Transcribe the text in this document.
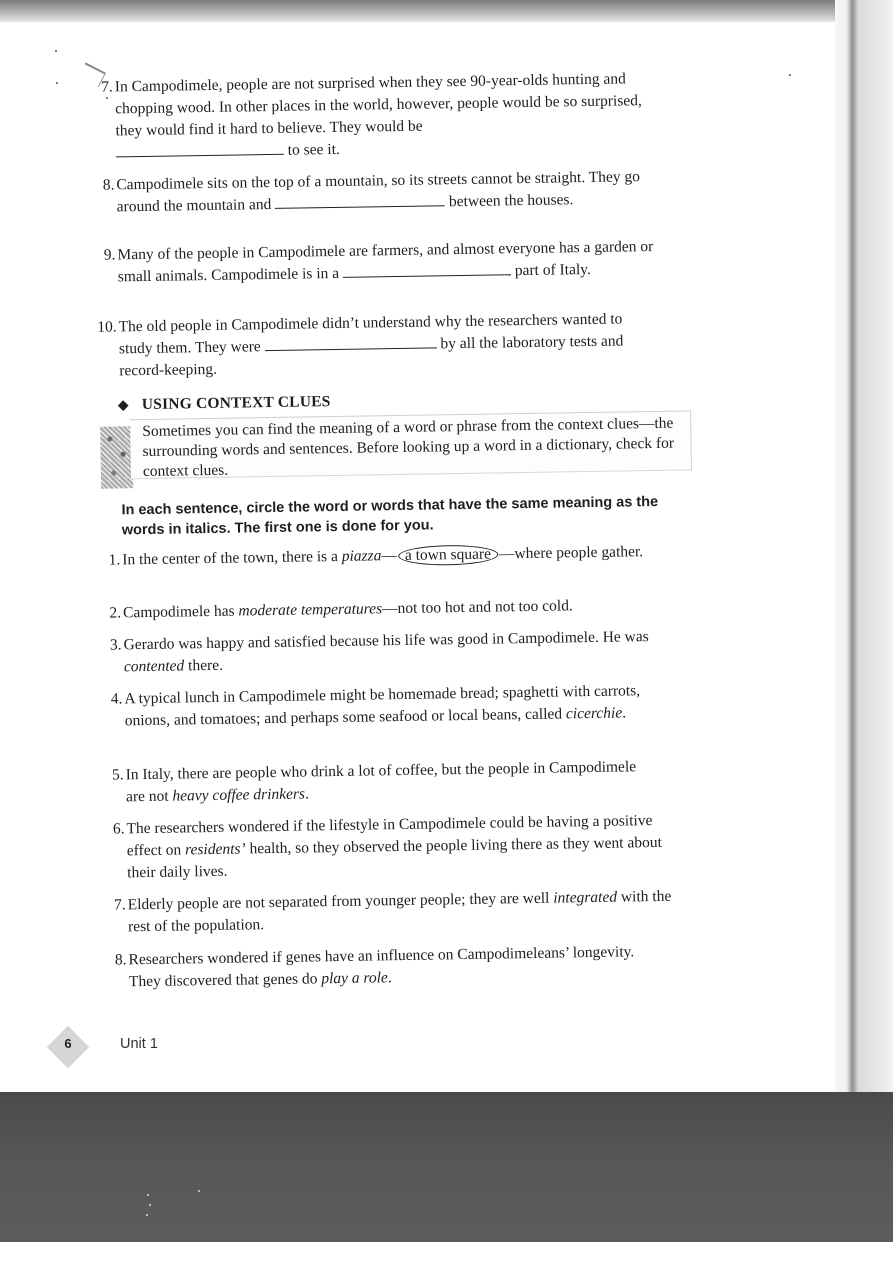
7. In Campodimele, people are not surprised when they see 90-year-olds hunting and chopping wood. In other places in the world, however, people would be so surprised, they would find it hard to believe. They would be
to see it.
8. Campodimele sits on the top of a mountain, so its streets cannot be straight. They go around the mountain and	between the houses.
9. Many of the people in Campodimele are farmers, and almost everyone has a garden or small animals. Campodimele is in a	part of Italy.
10. The old people in Campodimele didn’t understand why the researchers wanted to study them. They were	by all the laboratory tests and record-keeping.
◆ USING CONTEXT CLUES
Sometimes you can find the meaning of a word or phrase from the context clues—the surrounding words and sentences. Before looking up a word in a dictionary, check for context clues.
In each sentence, circle the word or words that have the same meaning as the words in italics. The first one is done for you.
1. In the center of the town, there is a piazza— a town square —where people gather.
2. Campodimele has moderate temperatures—not too hot and not too cold.
3. Gerardo was happy and satisfied because his life was good in Campodimele. He was contented there.
4. A typical lunch in Campodimele might be homemade bread; spaghetti with carrots, onions, and tomatoes; and perhaps some seafood or local beans, called cicerchie.
5. In Italy, there are people who drink a lot of coffee, but the people in Campodimele are not heavy coffee drinkers.
6. The researchers wondered if the lifestyle in Campodimele could be having a positive effect on residents’ health, so they observed the people living there as they went about their daily lives.
7. Elderly people are not separated from younger people; they are well integrated with the rest of the population.
8. Researchers wondered if genes have an influence on Campodimeleans’ longevity. They discovered that genes do play a role.
6	Unit 1
